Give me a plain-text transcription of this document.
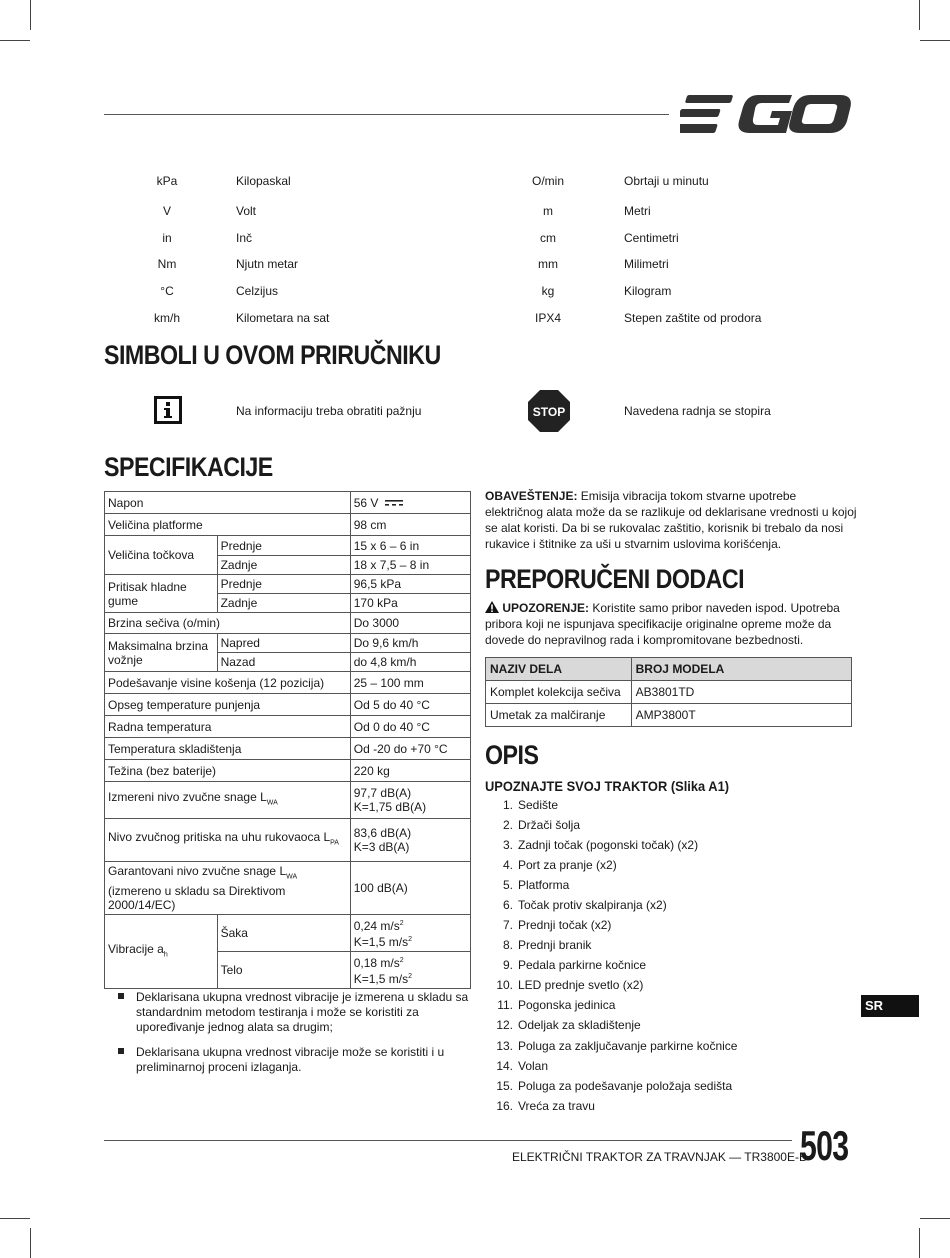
kPa	Kilopaskal	O/min	Obrtaji u minutu
V	Volt	m	Metri
in	Inč	cm	Centimetri
Nm	Njutn metar	mm	Milimetri
°C	Celzijus	kg	Kilogram
km/h	Kilometara na sat	IPX4	Stepen zaštite od prodora
SIMBOLI U OVOM PRIRUČNIKU
Na informaciju treba obratiti pažnju	STOP	Navedena radnja se stopira
SPECIFIKACIJE
Napon		56 V
Veličina platforme		98 cm
Veličina točkova	Prednje	15 x 6 – 6 in
	Zadnje	18 x 7,5 – 8 in
Pritisak hladne gume	Prednje	96,5 kPa
	Zadnje	170 kPa
Brzina sečiva (o/min)		Do 3000
Maksimalna brzina vožnje	Napred	Do 9,6 km/h
	Nazad	do 4,8 km/h
Podešavanje visine košenja (12 pozicija)		25 – 100 mm
Opseg temperature punjenja		Od 5 do 40 °C
Radna temperatura		Od 0 do 40 °C
Temperatura skladištenja		Od -20 do +70 °C
Težina (bez baterije)		220 kg
Izmereni nivo zvučne snage $L_{WA}$		97,7 dB(A)
K=1,75 dB(A)
Nivo zvučnog pritiska na uhu rukovaoca $L_{PA}$		83,6 dB(A)
K=3 dB(A)
Garantovani nivo zvučne snage $L_{WA}$
(izmereno u skladu sa Direktivom 2000/14/EC)		100 dB(A)
Vibracije $a_h$	Šaka	0,24 $m/s^2$
K=1,5 $m/s^2$
	Telo	0,18 $m/s^2$
K=1,5 $m/s^2$
Deklarisana ukupna vrednost vibracije je izmerena u skladu sa standardnim metodom testiranja i može se koristiti za upoređivanje jednog alata sa drugim;
Deklarisana ukupna vrednost vibracije može se koristiti i u preliminarnoj proceni izlaganja.
OBAVEŠTENJE: Emisija vibracija tokom stvarne upotrebe električnog alata može da se razlikuje od deklarisane vrednosti u kojoj se alat koristi. Da bi se rukovalac zaštitio, korisnik bi trebalo da nosi rukavice i štitnike za uši u stvarnim uslovima korišćenja.
PREPORUČENI DODACI
UPOZORENJE: Koristite samo pribor naveden ispod. Upotreba pribora koji ne ispunjava specifikacije originalne opreme može da dovede do nepravilnog rada i kompromitovane bezbednosti.
NAZIV DELA	BROJ MODELA
Komplet kolekcija sečiva	AB3801TD
Umetak za malčiranje	AMP3800T
OPIS
UPOZNAJTE SVOJ TRAKTOR (Slika A1)
1. Sedište
2. Držači šolja
3. Zadnji točak (pogonski točak) (x2)
4. Port za pranje (x2)
5. Platforma
6. Točak protiv skalpiranja (x2)
7. Prednji točak (x2)
8. Prednji branik
9. Pedala parkirne kočnice
10. LED prednje svetlo (x2)
11. Pogonska jedinica
12. Odeljak za skladištenje
13. Poluga za zaključavanje parkirne kočnice
14. Volan
15. Poluga za podešavanje položaja sedišta
16. Vreća za travu
SR
ELEKTRIČNI TRAKTOR ZA TRAVNJAK — TR3800E-B
503
